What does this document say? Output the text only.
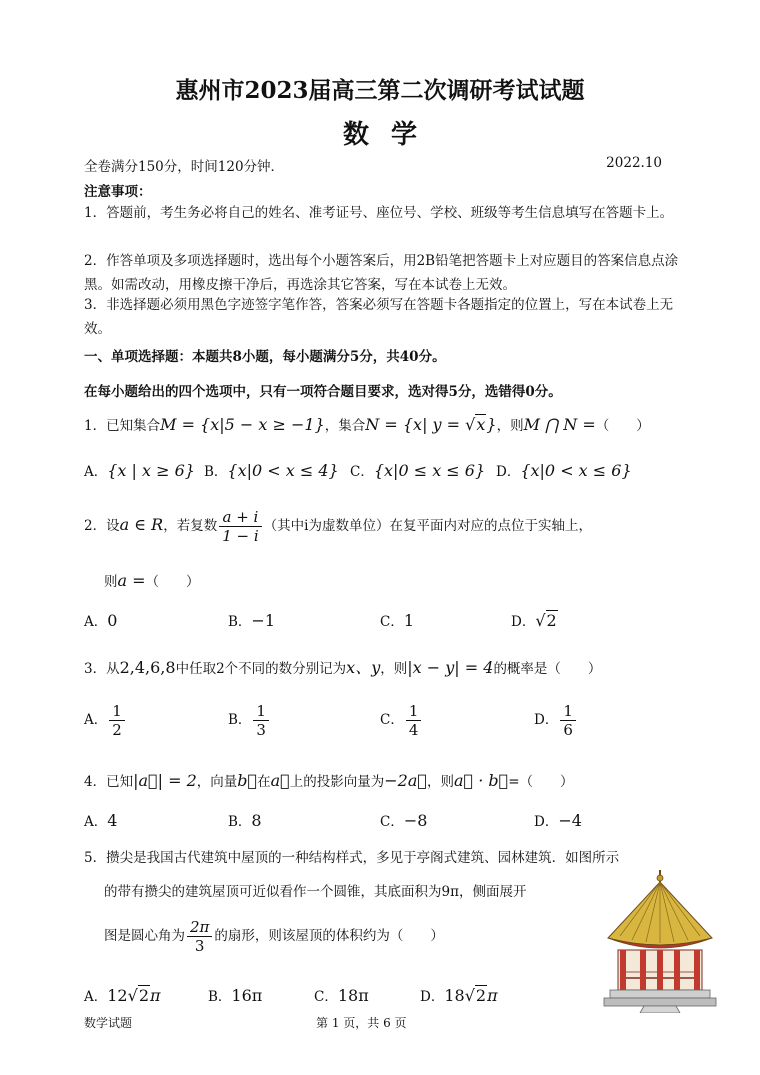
惠州市2023届高三第二次调研考试试题
数学
全卷满分150分，时间120分钟．	2022.10
注意事项：
1．答题前，考生务必将自己的姓名、准考证号、座位号、学校、班级等考生信息填写在答题卡上。
2．作答单项及多项选择题时，选出每个小题答案后，用2B铅笔把答题卡上对应题目的答案信息点涂黑。如需改动，用橡皮擦干净后，再选涂其它答案，写在本试卷上无效。
3．非选择题必须用黑色字迹签字笔作答，答案必须写在答题卡各题指定的位置上，写在本试卷上无效。
一、单项选择题：本题共8小题，每小题满分5分，共40分。
在每小题给出的四个选项中，只有一项符合题目要求，选对得5分，选错得0分。
1．已知集合M = {x|5 − x ≥ −1}，集合N = {x| y = √x}，则M ⋂ N =（　　）
A．{x | x ≥ 6} B．{x|0 < x ≤ 4} C．{x|0 ≤ x ≤ 6} D．{x|0 < x ≤ 6}
2．设a ∈ R，若复数 $\frac{a + i}{1 - i}$ （其中i为虚数单位）在复平面内对应的点位于实轴上，
则a =（　　）
A．0	B．−1	C．1	D．√2
3．从2,4,6,8中任取2个不同的数分别记为x、y，则|x − y| = 4的概率是（　　）
A． $\frac{1}{2}$	B． $\frac{1}{3}$	C． $\frac{1}{4}$	D． $\frac{1}{6}$
4．已知|a⃗| = 2，向量b⃗在a⃗上的投影向量为−2a⃗，则a⃗ · b⃗=（　　）
A．4	B．8	C．−8	D．−4
5．攒尖是我国古代建筑中屋顶的一种结构样式，多见于亭阁式建筑、园林建筑．如图所示
的带有攒尖的建筑屋顶可近似看作一个圆锥，其底面积为9π，侧面展开
图是圆心角为 $\frac{2\pi}{3}$ 的扇形，则该屋顶的体积约为（　　）
A．12√2π	B．16π	C．18π	D．18√2π
数学试题	第 1 页，共 6 页
